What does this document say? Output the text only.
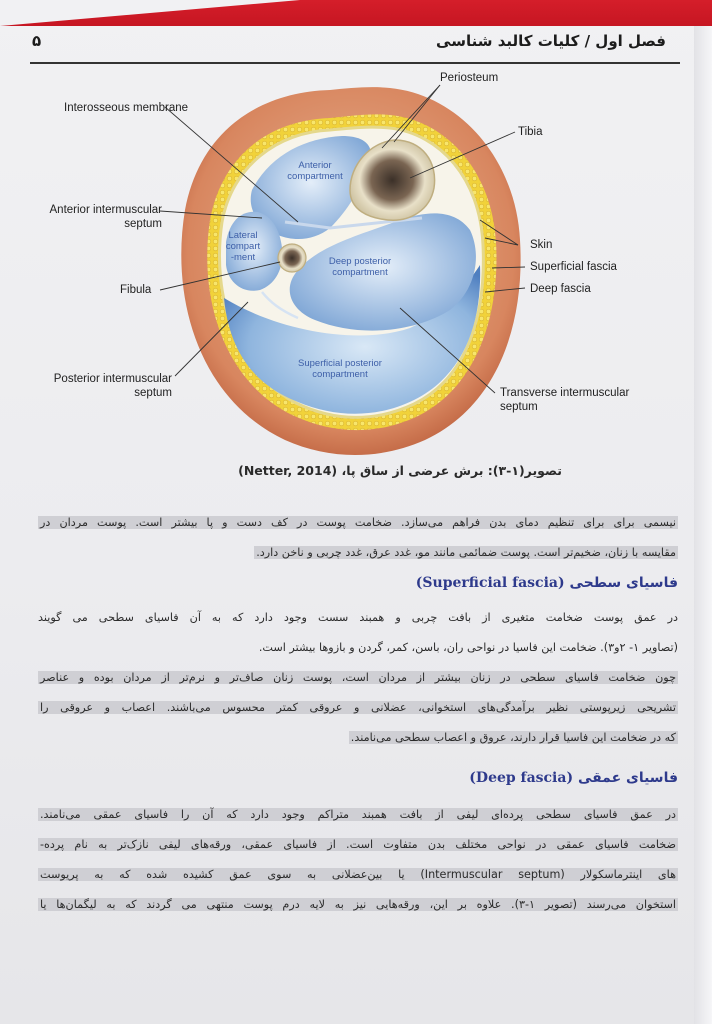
فصل اول / کلیات کالبد شناسی
۵
Periosteum
Interosseous membrane
Tibia
Anterior intermuscular
septum
Skin
Superficial fascia
Fibula	Deep fascia
Posterior intermuscular
septum	Transverse intermuscular
septum
Anterior
compartment
Lateral
compart
-ment	Deep posterior
compartment
Superficial posterior
compartment
تصویر(۱-۳): برش عرضی از ساق پا، (Netter, 2014)
نیسمی برای برای تنظیم دمای بدن فراهم می‌سازد. ضخامت پوست در کف دست و پا بیشتر است. پوست مردان در
مقایسه با زنان، ضخیم‌تر است. پوست ضمائمی مانند مو، غدد عرق، غدد چربی و ناخن دارد.
فاسیای سطحی (Superficial fascia)
در عمق پوست ضخامت متغیری از بافت چربی و همبند سست وجود دارد که به آن فاسیای سطحی می گویند
(تصاویر ۱- ۲و۳). ضخامت این فاسیا در نواحی ران، باسن، کمر، گردن و بازوها بیشتر است.
چون ضخامت فاسیای سطحی در زنان بیشتر از مردان است، پوست زنان صاف‌تر و نرم‌تر از مردان بوده و عناصر
تشریحی زیرپوستی نظیر برآمدگی‌های استخوانی، عضلانی و عروقی کمتر محسوس می‌باشند. اعصاب و عروقی را
که در ضخامت این فاسیا قرار دارند، عروق و اعصاب سطحی می‌نامند.
فاسیای عمقی (Deep fascia)
در عمق فاسیای سطحی پرده‌ای لیفی از بافت همبند متراکم وجود دارد که آن را فاسیای عمقی می‌نامند.
ضخامت فاسیای عمقی در نواحی مختلف بدن متفاوت است. از فاسیای عمقی، ورقه‌های لیفی نازک‌تر به نام پرده-
های اینترماسکولار (Intermuscular septum) یا بین‌عضلانی به سوی عمق کشیده شده که به پریوست
استخوان می‌رسند (تصویر ۱-۳). علاوه بر این، ورقه‌هایی نیز به لایه درم پوست منتهی می گردند که به لیگمان‌ها یا
